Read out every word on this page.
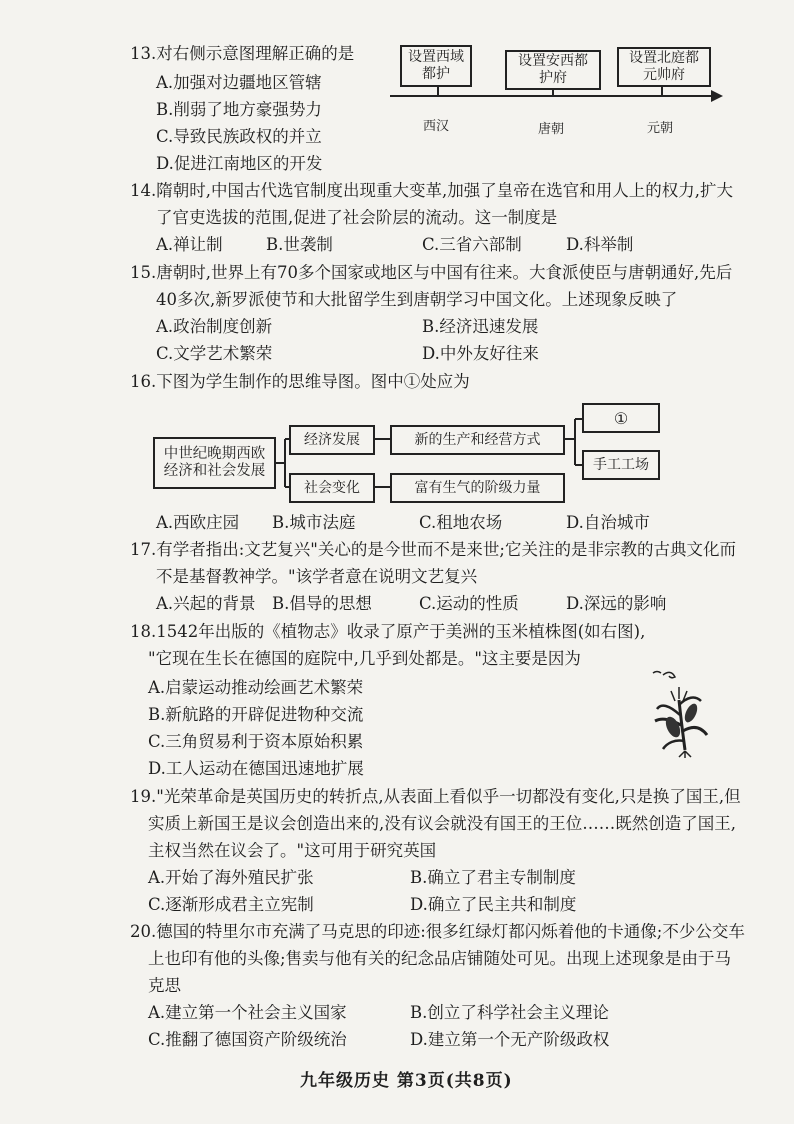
13.对右侧示意图理解正确的是
A.加强对边疆地区管辖
B.削弱了地方豪强势力
C.导致民族政权的并立
D.促进江南地区的开发
设置西域都护
设置安西都护府
设置北庭都元帅府
西汉	唐朝	元朝
14.隋朝时,中国古代选官制度出现重大变革,加强了皇帝在选官和用人上的权力,扩大
了官吏选拔的范围,促进了社会阶层的流动。这一制度是
A.禅让制	B.世袭制	C.三省六部制	D.科举制
15.唐朝时,世界上有70多个国家或地区与中国有往来。大食派使臣与唐朝通好,先后
40多次,新罗派使节和大批留学生到唐朝学习中国文化。上述现象反映了
A.政治制度创新	B.经济迅速发展
C.文学艺术繁荣	D.中外友好往来
16.下图为学生制作的思维导图。图中①处应为
中世纪晚期西欧
经济和社会发展
经济发展
社会变化
新的生产和经营方式
富有生气的阶级力量
①
手工工场
A.西欧庄园 B.城市法庭	C.租地农场	D.自治城市
17.有学者指出:文艺复兴"关心的是今世而不是来世;它关注的是非宗教的古典文化而
不是基督教神学。"该学者意在说明文艺复兴
A.兴起的背景 B.倡导的思想	C.运动的性质	D.深远的影响
18.1542年出版的《植物志》收录了原产于美洲的玉米植株图(如右图),
"它现在生长在德国的庭院中,几乎到处都是。"这主要是因为
A.启蒙运动推动绘画艺术繁荣
B.新航路的开辟促进物种交流
C.三角贸易利于资本原始积累
D.工人运动在德国迅速地扩展
19."光荣革命是英国历史的转折点,从表面上看似乎一切都没有变化,只是换了国王,但
实质上新国王是议会创造出来的,没有议会就没有国王的王位……既然创造了国王,
主权当然在议会了。"这可用于研究英国
A.开始了海外殖民扩张	B.确立了君主专制制度
C.逐渐形成君主立宪制	D.确立了民主共和制度
20.德国的特里尔市充满了马克思的印迹:很多红绿灯都闪烁着他的卡通像;不少公交车
上也印有他的头像;售卖与他有关的纪念品店铺随处可见。出现上述现象是由于马
克思
A.建立第一个社会主义国家	B.创立了科学社会主义理论
C.推翻了德国资产阶级统治	D.建立第一个无产阶级政权
九年级历史 第3页(共8页)
